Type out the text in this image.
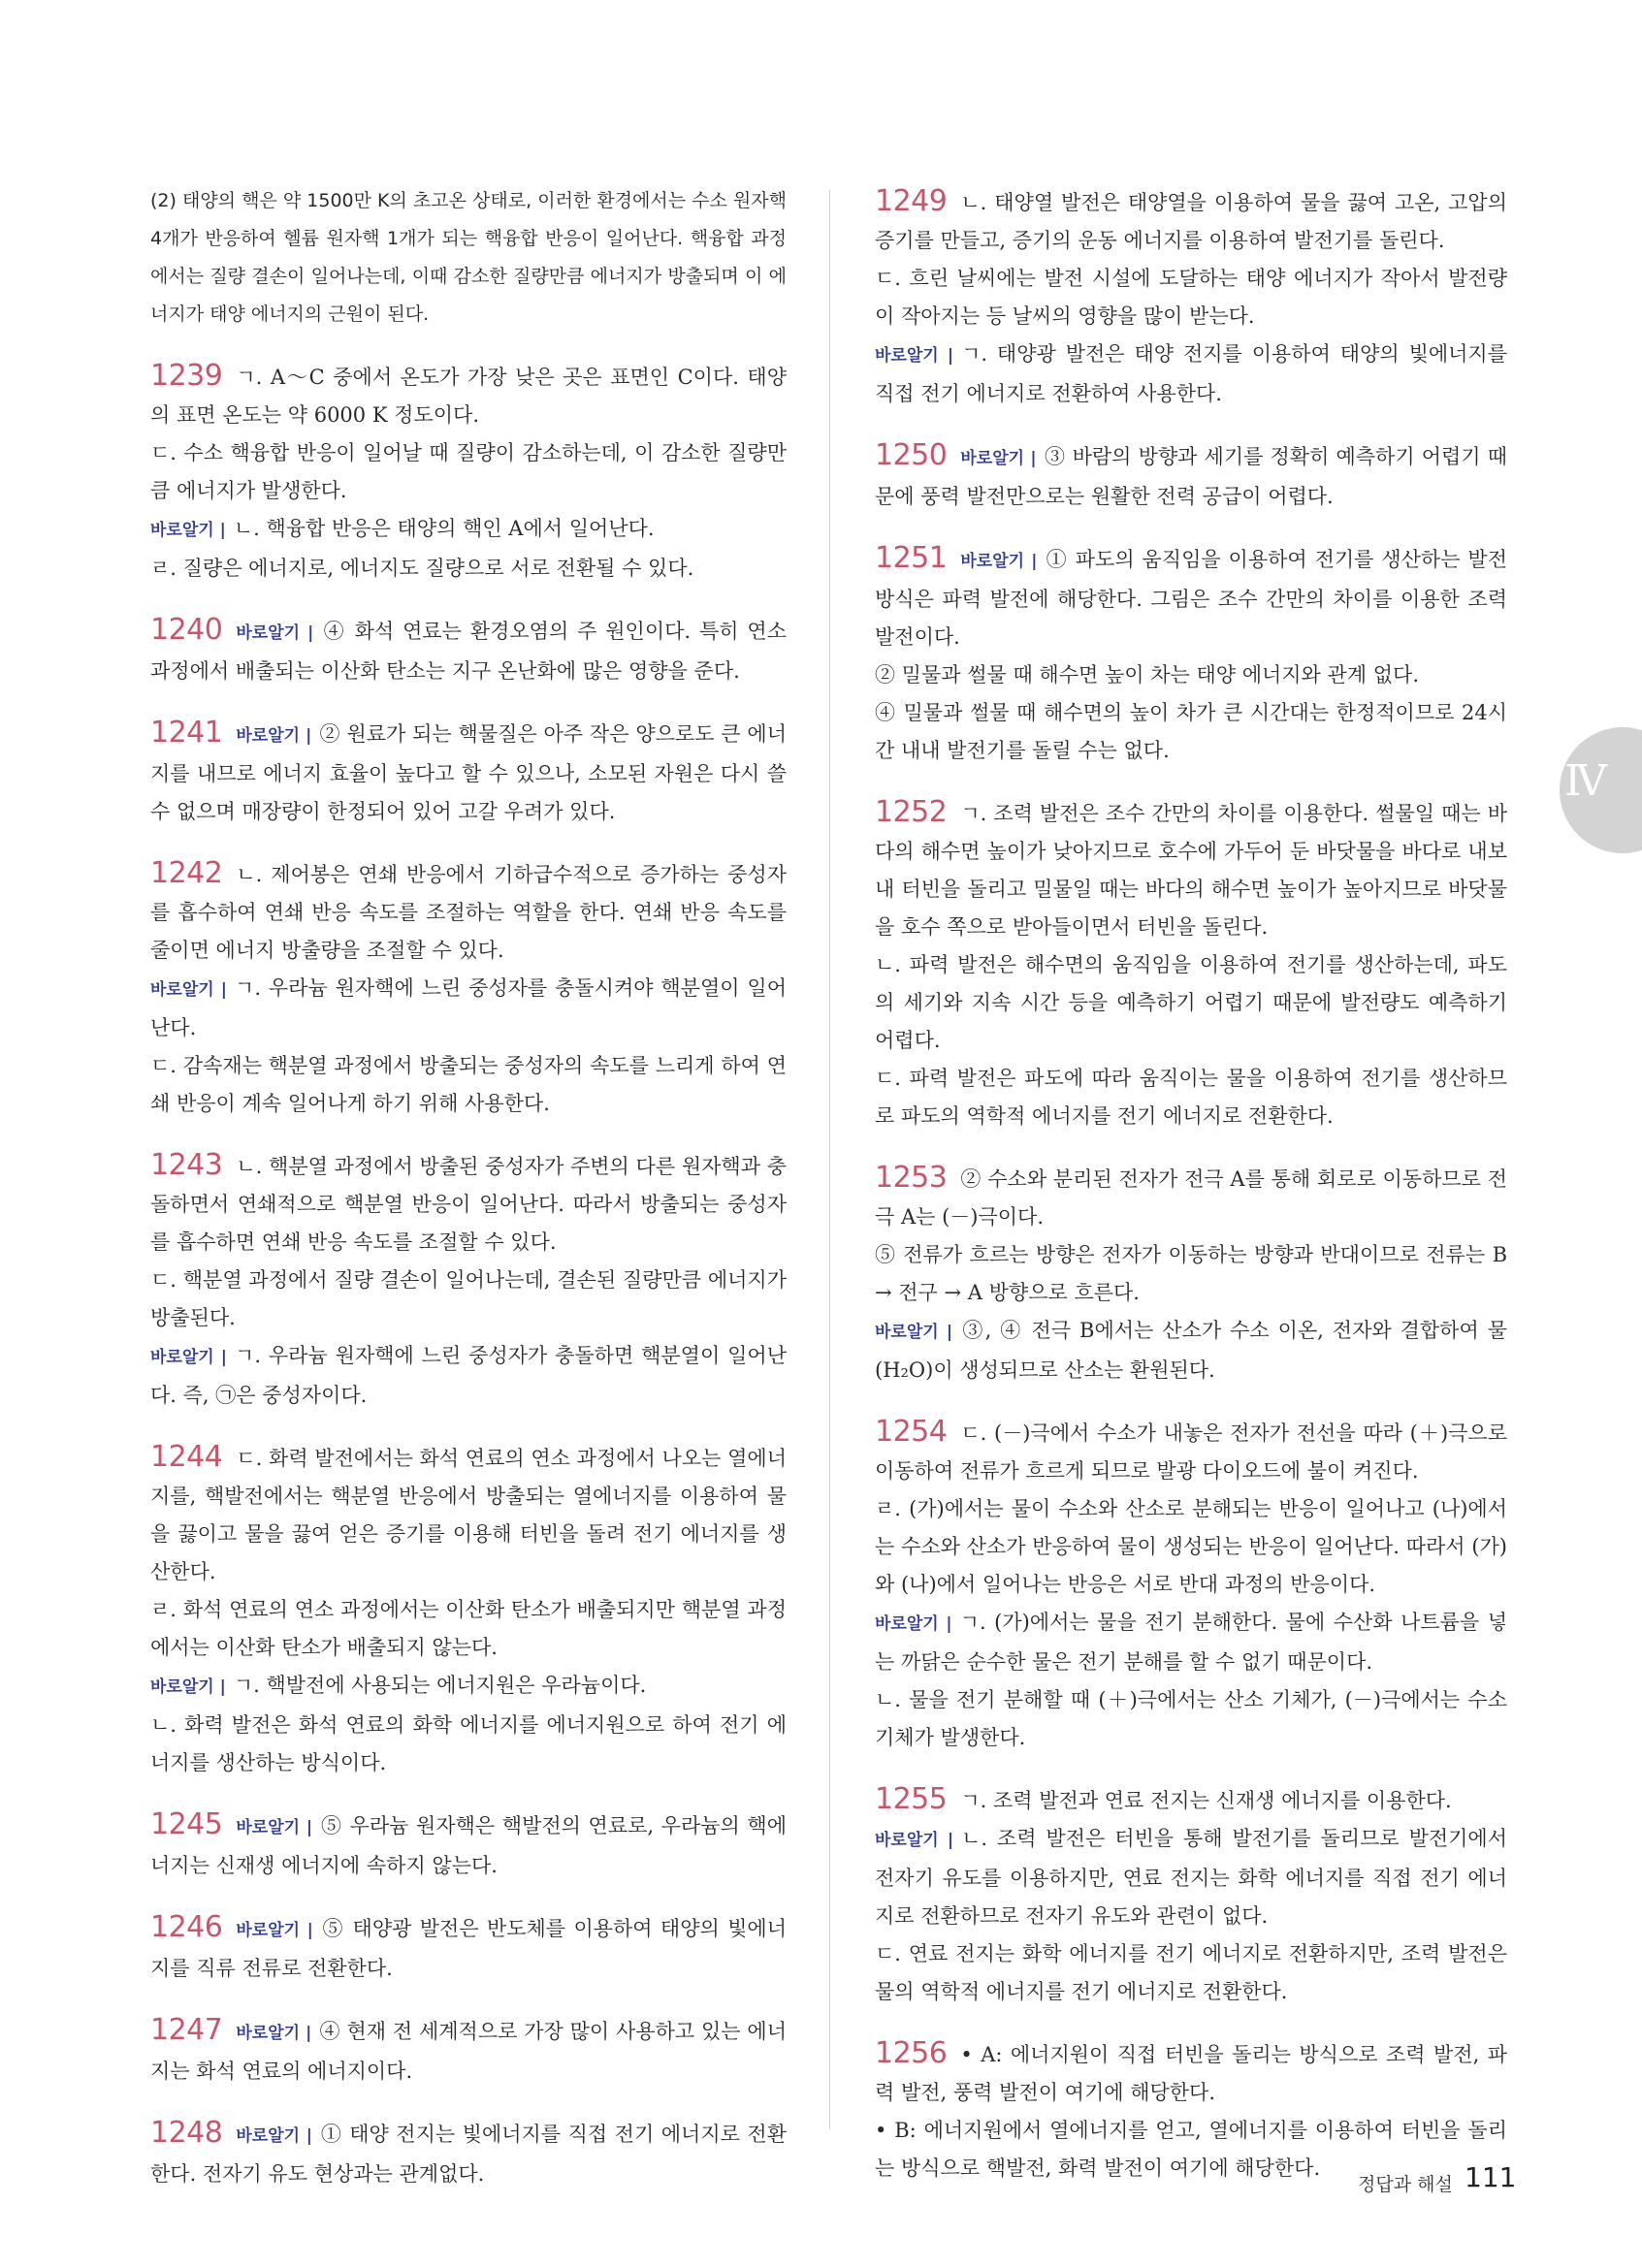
(2) 태양의 핵은 약 1500만 K의 초고온 상태로, 이러한 환경에서는 수소 원자핵 4개가 반응하여 헬륨 원자핵 1개가 되는 핵융합 반응이 일어난다. 핵융합 과정에서는 질량 결손이 일어나는데, 이때 감소한 질량만큼 에너지가 방출되며 이 에너지가 태양 에너지의 근원이 된다.
1239 ㄱ. A～C 중에서 온도가 가장 낮은 곳은 표면인 C이다. 태양의 표면 온도는 약 6000 K 정도이다.
ㄷ. 수소 핵융합 반응이 일어날 때 질량이 감소하는데, 이 감소한 질량만큼 에너지가 발생한다.
바로알기 | ㄴ. 핵융합 반응은 태양의 핵인 A에서 일어난다.
ㄹ. 질량은 에너지로, 에너지도 질량으로 서로 전환될 수 있다.
1240 바로알기 | ④ 화석 연료는 환경오염의 주 원인이다. 특히 연소 과정에서 배출되는 이산화 탄소는 지구 온난화에 많은 영향을 준다.
1241 바로알기 | ② 원료가 되는 핵물질은 아주 작은 양으로도 큰 에너지를 내므로 에너지 효율이 높다고 할 수 있으나, 소모된 자원은 다시 쓸 수 없으며 매장량이 한정되어 있어 고갈 우려가 있다.
1242 ㄴ. 제어봉은 연쇄 반응에서 기하급수적으로 증가하는 중성자를 흡수하여 연쇄 반응 속도를 조절하는 역할을 한다. 연쇄 반응 속도를 줄이면 에너지 방출량을 조절할 수 있다.
바로알기 | ㄱ. 우라늄 원자핵에 느린 중성자를 충돌시켜야 핵분열이 일어난다.
ㄷ. 감속재는 핵분열 과정에서 방출되는 중성자의 속도를 느리게 하여 연쇄 반응이 계속 일어나게 하기 위해 사용한다.
1243 ㄴ. 핵분열 과정에서 방출된 중성자가 주변의 다른 원자핵과 충돌하면서 연쇄적으로 핵분열 반응이 일어난다. 따라서 방출되는 중성자를 흡수하면 연쇄 반응 속도를 조절할 수 있다.
ㄷ. 핵분열 과정에서 질량 결손이 일어나는데, 결손된 질량만큼 에너지가 방출된다.
바로알기 | ㄱ. 우라늄 원자핵에 느린 중성자가 충돌하면 핵분열이 일어난다. 즉, ㉠은 중성자이다.
1244 ㄷ. 화력 발전에서는 화석 연료의 연소 과정에서 나오는 열에너지를, 핵발전에서는 핵분열 반응에서 방출되는 열에너지를 이용하여 물을 끓이고 물을 끓여 얻은 증기를 이용해 터빈을 돌려 전기 에너지를 생산한다.
ㄹ. 화석 연료의 연소 과정에서는 이산화 탄소가 배출되지만 핵분열 과정에서는 이산화 탄소가 배출되지 않는다.
바로알기 | ㄱ. 핵발전에 사용되는 에너지원은 우라늄이다.
ㄴ. 화력 발전은 화석 연료의 화학 에너지를 에너지원으로 하여 전기 에너지를 생산하는 방식이다.
1245 바로알기 | ⑤ 우라늄 원자핵은 핵발전의 연료로, 우라늄의 핵에너지는 신재생 에너지에 속하지 않는다.
1246 바로알기 | ⑤ 태양광 발전은 반도체를 이용하여 태양의 빛에너지를 직류 전류로 전환한다.
1247 바로알기 | ④ 현재 전 세계적으로 가장 많이 사용하고 있는 에너지는 화석 연료의 에너지이다.
1248 바로알기 | ① 태양 전지는 빛에너지를 직접 전기 에너지로 전환한다. 전자기 유도 현상과는 관계없다.
1249 ㄴ. 태양열 발전은 태양열을 이용하여 물을 끓여 고온, 고압의 증기를 만들고, 증기의 운동 에너지를 이용하여 발전기를 돌린다.
ㄷ. 흐린 날씨에는 발전 시설에 도달하는 태양 에너지가 작아서 발전량이 작아지는 등 날씨의 영향을 많이 받는다.
바로알기 | ㄱ. 태양광 발전은 태양 전지를 이용하여 태양의 빛에너지를 직접 전기 에너지로 전환하여 사용한다.
1250 바로알기 | ③ 바람의 방향과 세기를 정확히 예측하기 어렵기 때문에 풍력 발전만으로는 원활한 전력 공급이 어렵다.
1251 바로알기 | ① 파도의 움직임을 이용하여 전기를 생산하는 발전 방식은 파력 발전에 해당한다. 그림은 조수 간만의 차이를 이용한 조력 발전이다.
② 밀물과 썰물 때 해수면 높이 차는 태양 에너지와 관계 없다.
④ 밀물과 썰물 때 해수면의 높이 차가 큰 시간대는 한정적이므로 24시간 내내 발전기를 돌릴 수는 없다.
1252 ㄱ. 조력 발전은 조수 간만의 차이를 이용한다. 썰물일 때는 바다의 해수면 높이가 낮아지므로 호수에 가두어 둔 바닷물을 바다로 내보내 터빈을 돌리고 밀물일 때는 바다의 해수면 높이가 높아지므로 바닷물을 호수 쪽으로 받아들이면서 터빈을 돌린다.
ㄴ. 파력 발전은 해수면의 움직임을 이용하여 전기를 생산하는데, 파도의 세기와 지속 시간 등을 예측하기 어렵기 때문에 발전량도 예측하기 어렵다.
ㄷ. 파력 발전은 파도에 따라 움직이는 물을 이용하여 전기를 생산하므로 파도의 역학적 에너지를 전기 에너지로 전환한다.
1253 ② 수소와 분리된 전자가 전극 A를 통해 회로로 이동하므로 전극 A는 (－)극이다.
⑤ 전류가 흐르는 방향은 전자가 이동하는 방향과 반대이므로 전류는 B → 전구 → A 방향으로 흐른다.
바로알기 | ③, ④ 전극 B에서는 산소가 수소 이온, 전자와 결합하여 물(H₂O)이 생성되므로 산소는 환원된다.
1254 ㄷ. (－)극에서 수소가 내놓은 전자가 전선을 따라 (＋)극으로 이동하여 전류가 흐르게 되므로 발광 다이오드에 불이 켜진다.
ㄹ. (가)에서는 물이 수소와 산소로 분해되는 반응이 일어나고 (나)에서는 수소와 산소가 반응하여 물이 생성되는 반응이 일어난다. 따라서 (가)와 (나)에서 일어나는 반응은 서로 반대 과정의 반응이다.
바로알기 | ㄱ. (가)에서는 물을 전기 분해한다. 물에 수산화 나트륨을 넣는 까닭은 순수한 물은 전기 분해를 할 수 없기 때문이다.
ㄴ. 물을 전기 분해할 때 (＋)극에서는 산소 기체가, (－)극에서는 수소 기체가 발생한다.
1255 ㄱ. 조력 발전과 연료 전지는 신재생 에너지를 이용한다.
바로알기 | ㄴ. 조력 발전은 터빈을 통해 발전기를 돌리므로 발전기에서 전자기 유도를 이용하지만, 연료 전지는 화학 에너지를 직접 전기 에너지로 전환하므로 전자기 유도와 관련이 없다.
ㄷ. 연료 전지는 화학 에너지를 전기 에너지로 전환하지만, 조력 발전은 물의 역학적 에너지를 전기 에너지로 전환한다.
1256 • A: 에너지원이 직접 터빈을 돌리는 방식으로 조력 발전, 파력 발전, 풍력 발전이 여기에 해당한다.
• B: 에너지원에서 열에너지를 얻고, 열에너지를 이용하여 터빈을 돌리는 방식으로 핵발전, 화력 발전이 여기에 해당한다.
Ⅳ
정답과 해설 111
